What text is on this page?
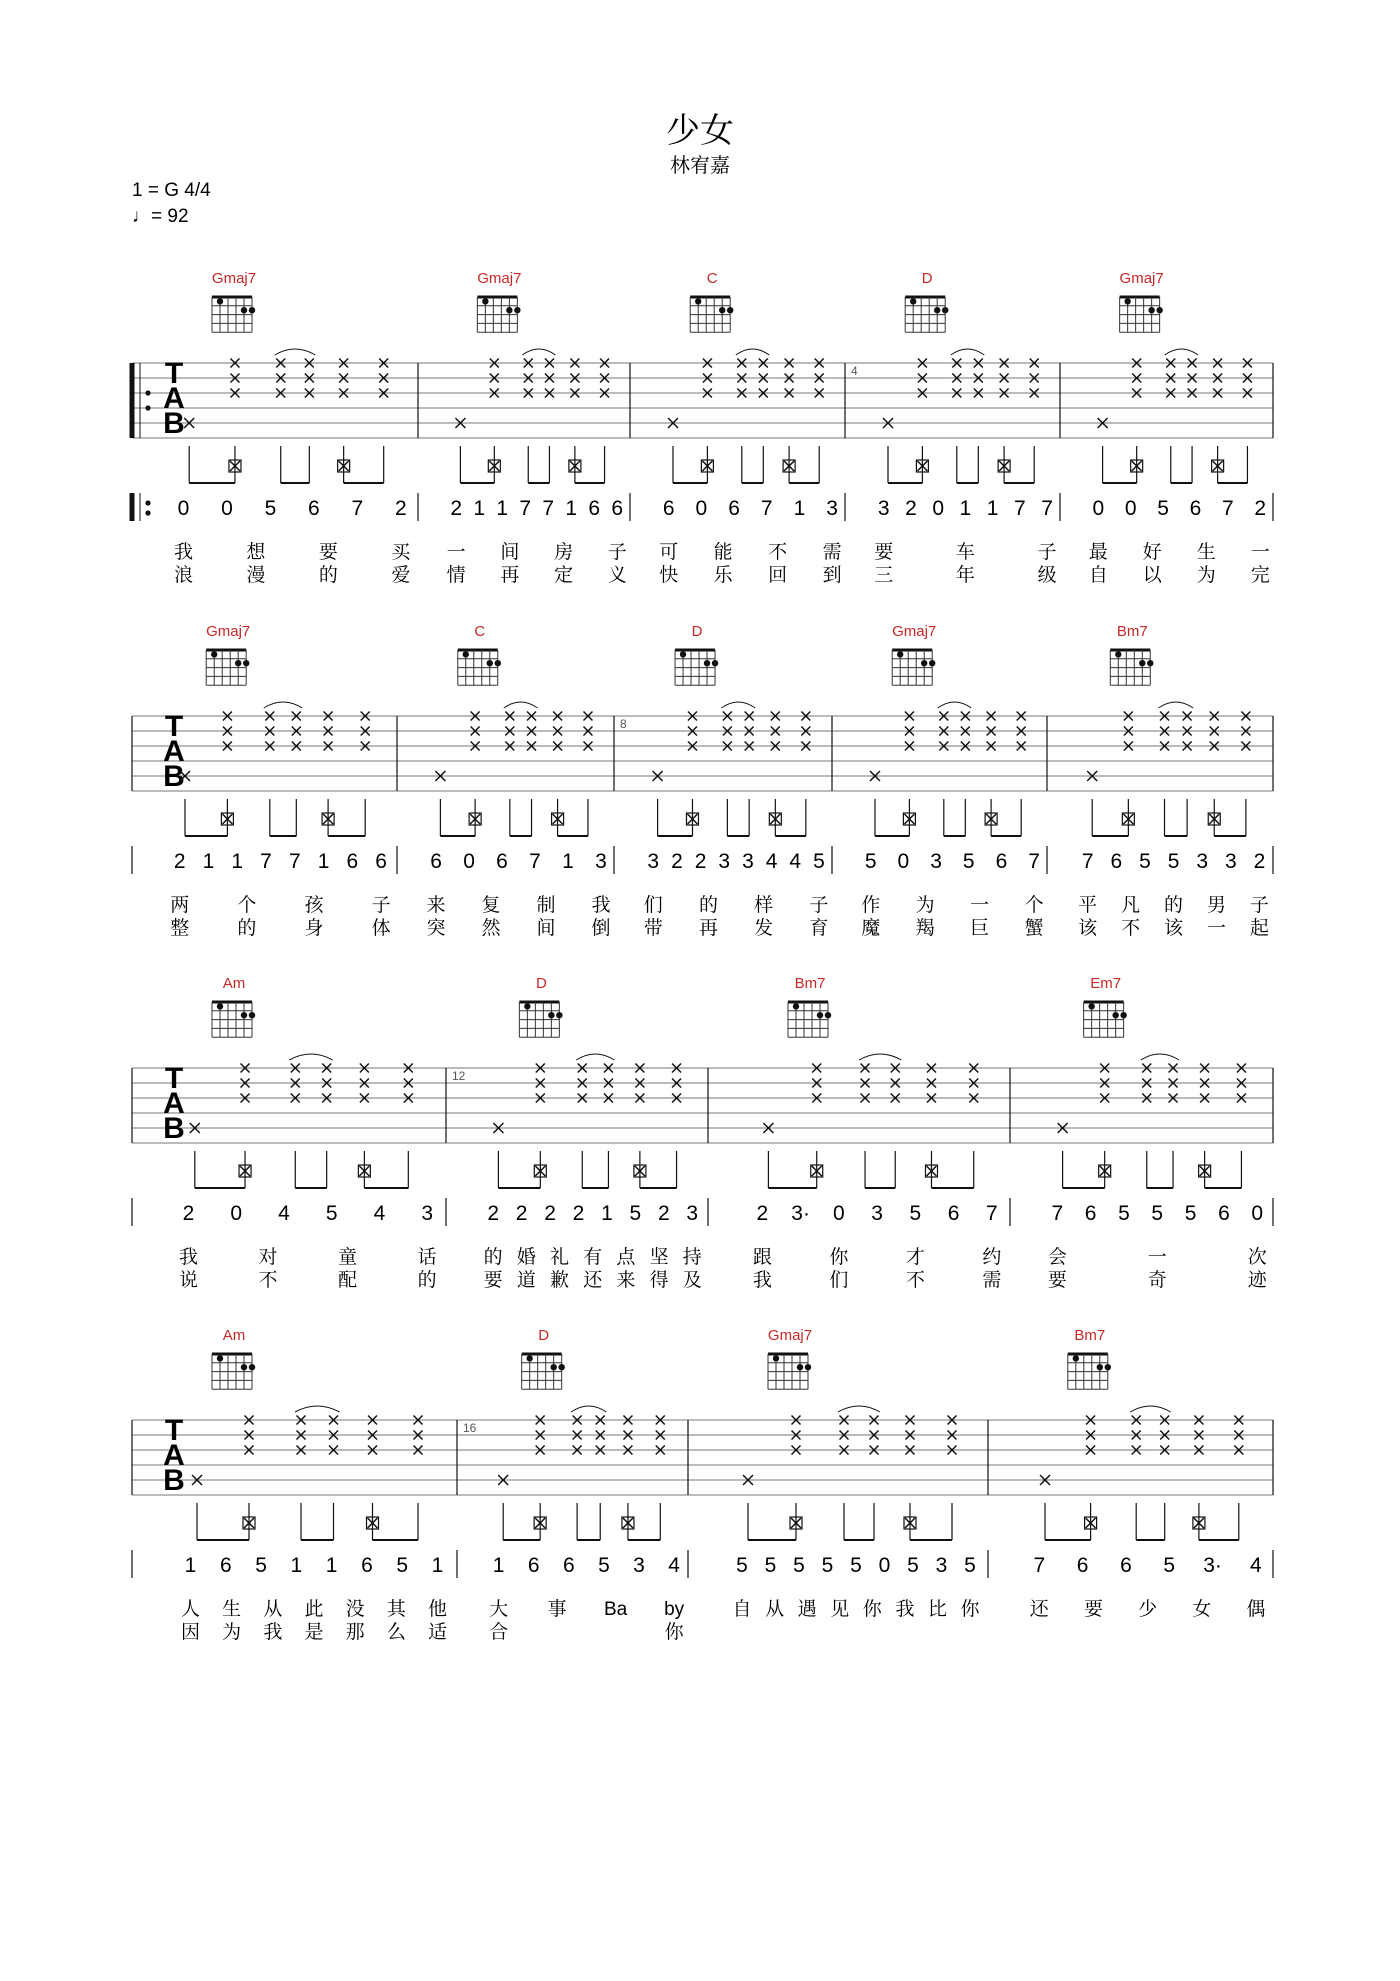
少女
林宥嘉
1 = G 4/4
♩= 92
T
A
B
Gmaj7
0 0 5 6 7 2
我	想	要	买
浪	漫	的	爱
Gmaj7
2 1 1 7 7 1 6 6
一 间 房 子
情 再 定 义
C
6 0 6 7 1 3
可 能 不 需
快 乐 回 到
4
D
3 2 0 1 1 7 7
要	车	子
三	年	级
Gmaj7
0 0 5 6 7 2
最 好 生 一
自 以 为 完
T
A
B
Gmaj7
2 1 1 7 7 1 6 6
两	个	孩	子
整	的	身	体
C
6 0 6 7 1 3
来 复 制 我
突 然 间 倒
8
D
3 2 2 3 3 4 4 5
们 的 样 子
带 再 发 育
Gmaj7
5 0 3 5 6 7
作 为 一 个
魔 羯 巨 蟹
Bm7
7 6 5 5 3 3 2
平 凡 的 男 子
该 不 该 一 起
T
A
B
Am
2 0 4 5 4 3
我	对	童	话
说	不	配	的
12
D
2 2 2 2 1 5 2 3
的 婚 礼 有 点 坚 持
要 道 歉 还 来 得 及
Bm7
2 3· 0 3 5 6 7
跟	你	才	约
我	们	不	需
Em7
7 6 5 5 5 6 0
会	一	次
要	奇	迹
T
A
B
Am
1 6 5 1 1 6 5 1
人 生 从 此 没 其 他
因 为 我 是 那 么 适
16
D
1 6 6 5 3 4
大 事 Ba by
合	你
Gmaj7
5 5 5 5 5 0 5 3 5
自 从 遇 见 你 我 比 你
Bm7
7 6 6 5 3· 4
还 要 少 女 偶
